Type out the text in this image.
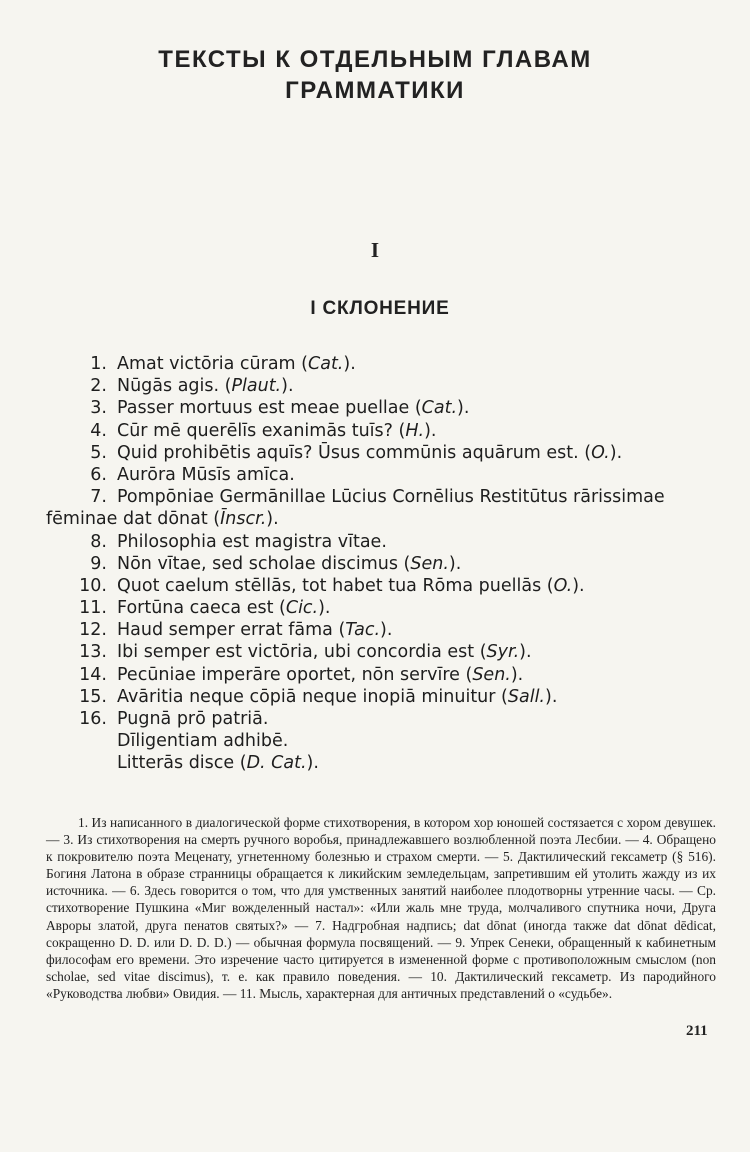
ТЕКСТЫ К ОТДЕЛЬНЫМ ГЛАВАМ
ГРАММАТИКИ
I
I СКЛОНЕНИЕ
1. Amat victōria cūram (Cat.).
2. Nūgās agis. (Plaut.).
3. Passer mortuus est meae puellae (Cat.).
4. Cūr mē querēlīs exanimās tuīs? (H.).
5. Quid prohibētis aquīs? Ūsus commūnis aquārum est. (O.).
6. Aurōra Mūsīs amīca.
7. Pompōniae Germānillae Lūcius Cornēlius Restitūtus rārissimae
fēminae dat dōnat (Īnscr.).
8. Philosophia est magistra vītae.
9. Nōn vītae, sed scholae discimus (Sen.).
10. Quot caelum stēllās, tot habet tua Rōma puellās (O.).
11. Fortūna caeca est (Cic.).
12. Haud semper errat fāma (Tac.).
13. Ibi semper est victōria, ubi concordia est (Syr.).
14. Pecūniae imperāre oportet, nōn servīre (Sen.).
15. Avāritia neque cōpiā neque inopiā minuitur (Sall.).
16. Pugnā prō patriā.
Dīligentiam adhibē.
Litterās disce (D. Cat.).
1. Из написанного в диалогической форме стихотворения, в котором хор юношей состязается с хором девушек. — 3. Из стихотворения на смерть ручного воробья, принадлежавшего возлюбленной поэта Лесбии. — 4. Обращено к покровителю поэта Меценату, угнетенному болезнью и страхом смерти. — 5. Дактилический гексаметр (§ 516). Богиня Латона в образе странницы обращается к ликийским земледельцам, запретившим ей утолить жажду из их источника. — 6. Здесь говорится о том, что для умственных занятий наиболее плодотворны утренние часы. — Ср. стихотворение Пушкина «Миг вожделенный настал»: «Или жаль мне труда, молчаливого спутника ночи, Друга Авроры златой, друга пенатов святых?» — 7. Надгробная надпись; dat dōnat (иногда также dat dōnat dēdicat, сокращенно D. D. или D. D. D.) — обычная формула посвящений. — 9. Упрек Сенеки, обращенный к кабинетным философам его времени. Это изречение часто цитируется в измененной форме с противоположным смыслом (non scholae, sed vitae discimus), т. е. как правило поведения. — 10. Дактилический гексаметр. Из пародийного «Руководства любви» Овидия. — 11. Мысль, характерная для античных представлений о «судьбе».
211
